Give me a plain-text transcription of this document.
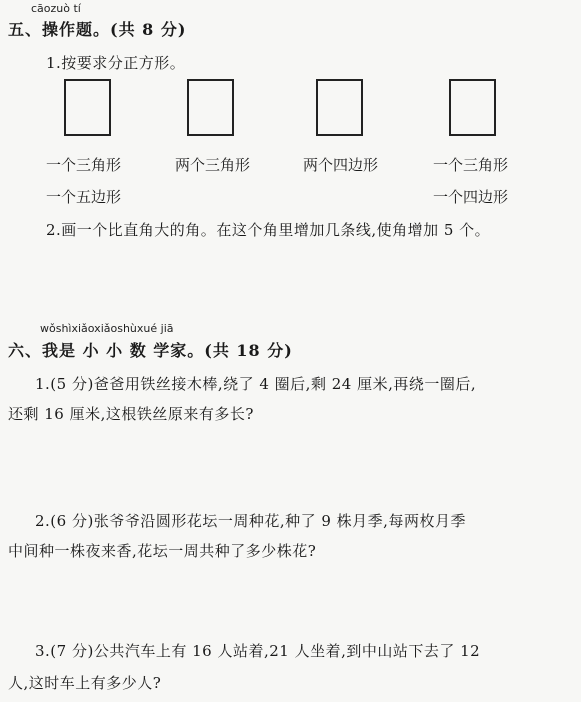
cāozuò tí
五、操作题。(共 8 分)
1.按要求分正方形。
一个三角形
一个五边形
两个三角形	两个四边形	一个三角形
一个四边形
2.画一个比直角大的角。在这个角里增加几条线,使角增加 5 个。
wǒshìxiǎoxiǎoshùxué jiā
六、我是 小 小 数 学家。(共 18 分)
1.(5 分)爸爸用铁丝接木棒,绕了 4 圈后,剩 24 厘米,再绕一圈后,
还剩 16 厘米,这根铁丝原来有多长?
2.(6 分)张爷爷沿圆形花坛一周种花,种了 9 株月季,每两枚月季
中间种一株夜来香,花坛一周共种了多少株花?
3.(7 分)公共汽车上有 16 人站着,21 人坐着,到中山站下去了 12
人,这时车上有多少人?
